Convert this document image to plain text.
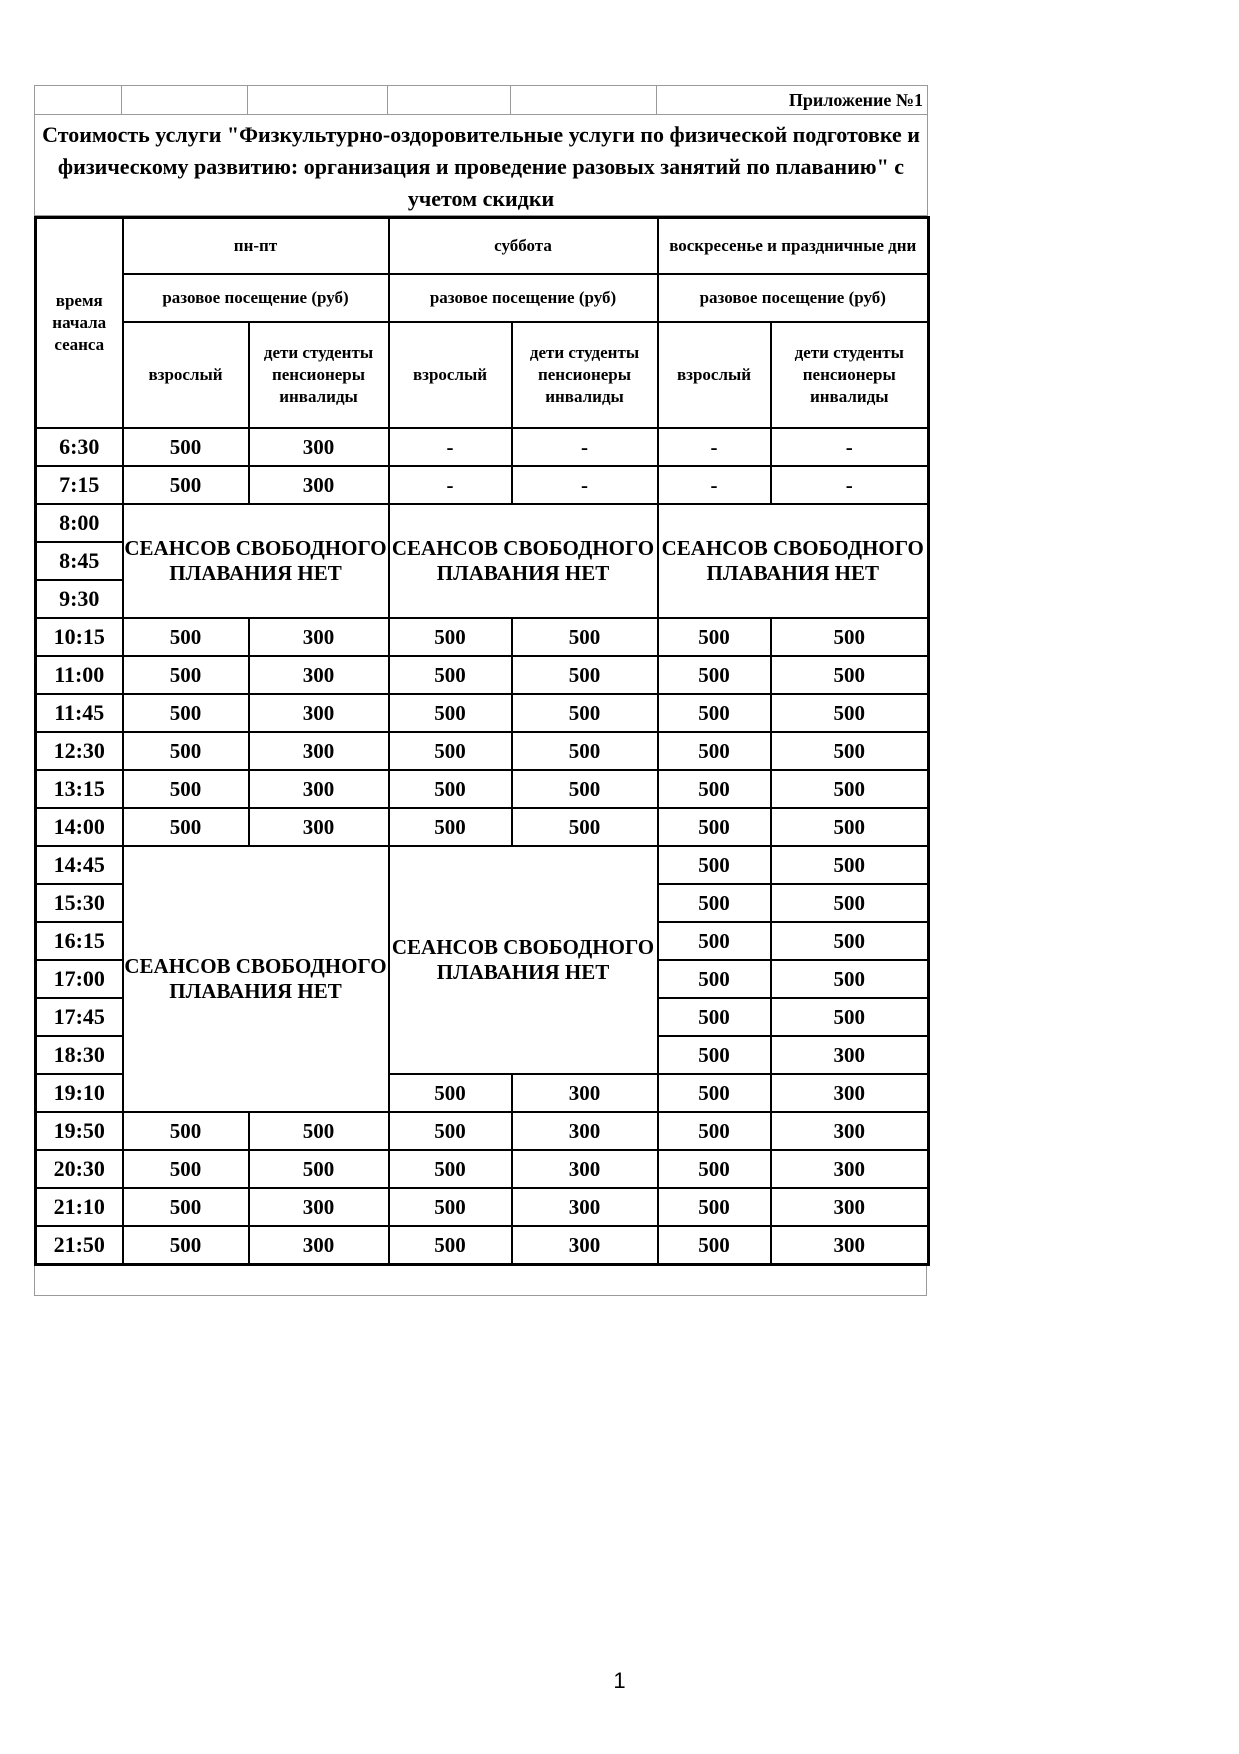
					Приложение №1
Стоимость услуги "Физкультурно-оздоровительные услуги по физической подготовке и физическому развитию: организация и проведение разовых занятий по плаванию" с учетом скидки
время начала сеанса	пн-пт		суббота		воскресенье и праздничные дни	
	разовое посещение (руб)		разовое посещение (руб)		разовое посещение (руб)	
	взрослый	дети студенты пенсионеры инвалиды	взрослый	дети студенты пенсионеры инвалиды	взрослый	дети студенты пенсионеры инвалиды
6:30	500	300	-	-	-	-
7:15	500	300	-	-	-	-
8:00	СЕАНСОВ СВОБОДНОГО ПЛАВАНИЯ НЕТ		СЕАНСОВ СВОБОДНОГО ПЛАВАНИЯ НЕТ		СЕАНСОВ СВОБОДНОГО ПЛАВАНИЯ НЕТ	
8:45						
9:30						
10:15	500	300	500	500	500	500
11:00	500	300	500	500	500	500
11:45	500	300	500	500	500	500
12:30	500	300	500	500	500	500
13:15	500	300	500	500	500	500
14:00	500	300	500	500	500	500
14:45	СЕАНСОВ СВОБОДНОГО ПЛАВАНИЯ НЕТ		СЕАНСОВ СВОБОДНОГО ПЛАВАНИЯ НЕТ		500	500
15:30					500	500
16:15					500	500
17:00					500	500
17:45					500	500
18:30					500	300
19:10			500	300	500	300
19:50	500	500	500	300	500	300
20:30	500	500	500	300	500	300
21:10	500	300	500	300	500	300
21:50	500	300	500	300	500	300
1
